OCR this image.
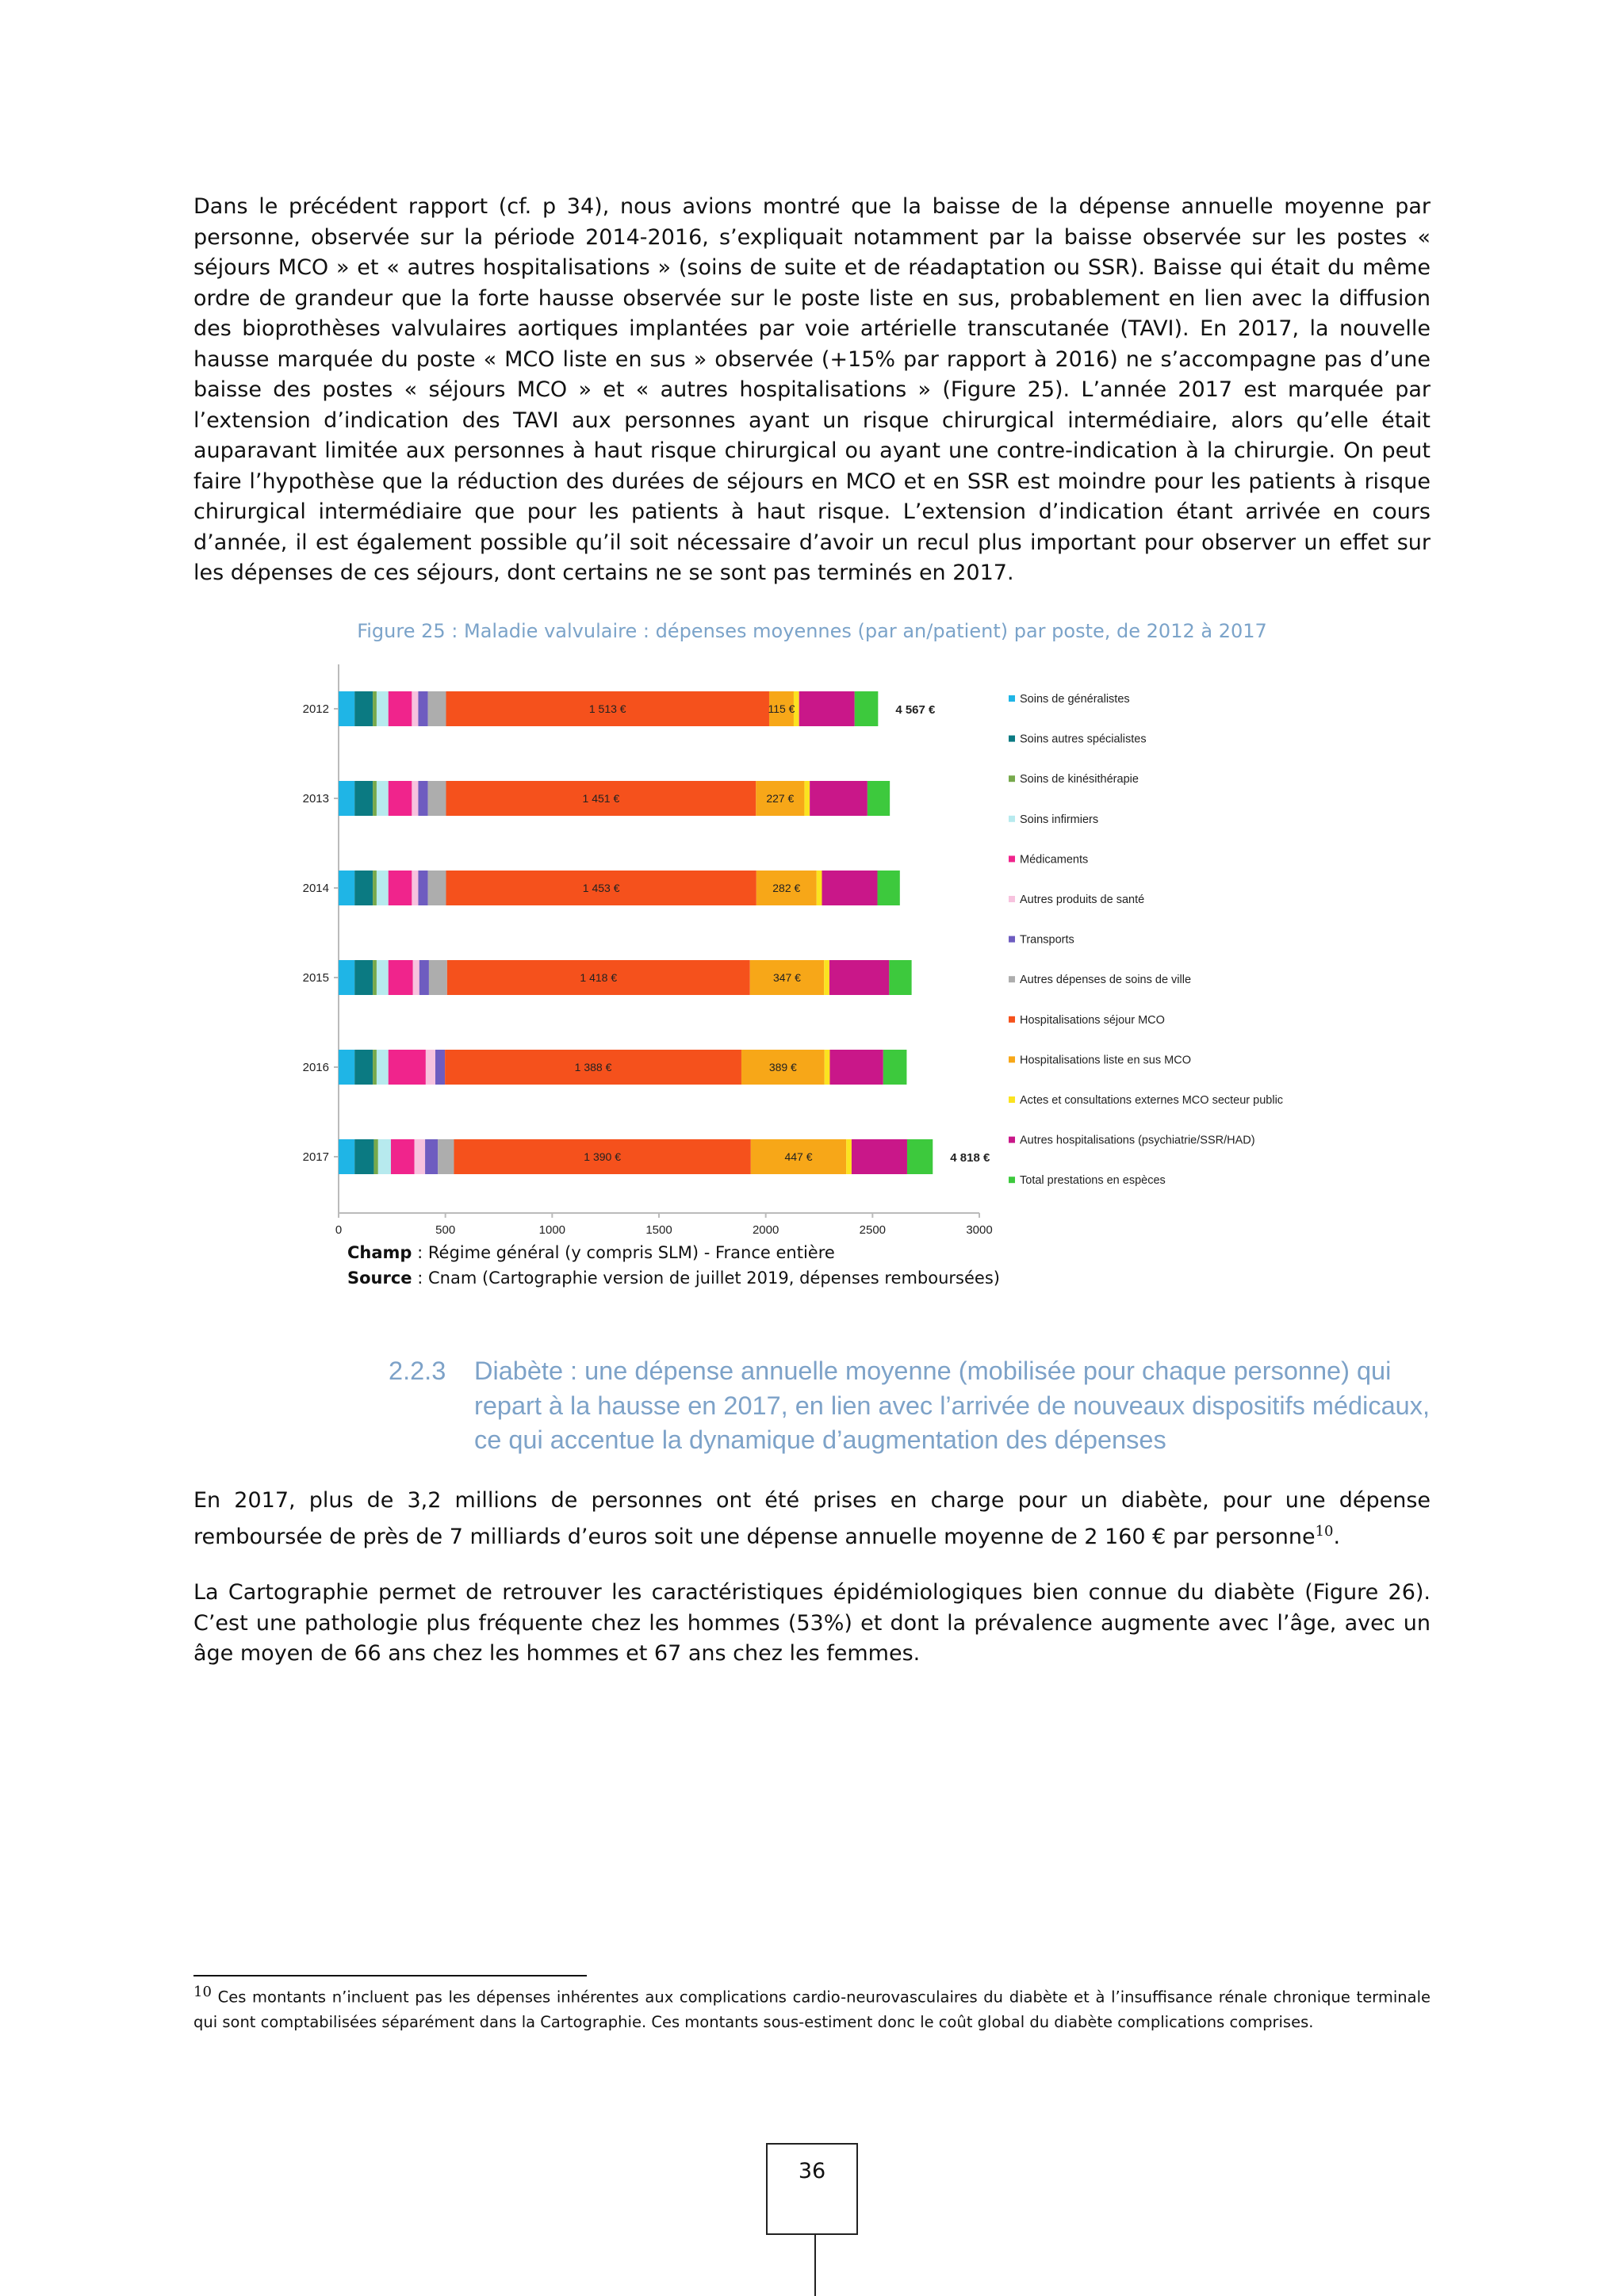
Dans le précédent rapport (cf. p 34), nous avions montré que la baisse de la dépense annuelle moyenne par personne, observée sur la période 2014-2016, s’expliquait notamment par la baisse observée sur les postes « séjours MCO » et « autres hospitalisations » (soins de suite et de réadaptation ou SSR). Baisse qui était du même ordre de grandeur que la forte hausse observée sur le poste liste en sus, probablement en lien avec la diffusion des bioprothèses valvulaires aortiques implantées par voie artérielle transcutanée (TAVI). En 2017, la nouvelle hausse marquée du poste « MCO liste en sus » observée (+15% par rapport à 2016) ne s’accompagne pas d’une baisse des postes « séjours MCO » et « autres hospitalisations » (Figure 25). L’année 2017 est marquée par l’extension d’indication des TAVI aux personnes ayant un risque chirurgical intermédiaire, alors qu’elle était auparavant limitée aux personnes à haut risque chirurgical ou ayant une contre-indication à la chirurgie. On peut faire l’hypothèse que la réduction des durées de séjours en MCO et en SSR est moindre pour les patients à risque chirurgical intermédiaire que pour les patients à haut risque. L’extension d’indication étant arrivée en cours d’année, il est également possible qu’il soit nécessaire d’avoir un recul plus important pour observer un effet sur les dépenses de ces séjours, dont certains ne se sont pas terminés en 2017.

Figure 25 : Maladie valvulaire : dépenses moyennes (par an/patient) par poste, de 2012 à 2017
2012	1 513 €	115 €	4 567 €
2013	1 451 €	227 €
2014	1 453 €	282 €
2015	1 418 €	347 €
2016	1 388 €	389 €
2017	1 390 €	447 €	4 818 €
0	500	1000	1500	2000	2500	3000
Soins de généralistes
Soins autres spécialistes
Soins de kinésithérapie
Soins infirmiers
Médicaments
Autres produits de santé
Transports
Autres dépenses de soins de ville
Hospitalisations séjour MCO
Hospitalisations liste en sus MCO
Actes et consultations externes MCO secteur public
Autres hospitalisations (psychiatrie/SSR/HAD)
Total prestations en espèces
Champ : Régime général (y compris SLM) - France entière
Source : Cnam (Cartographie version de juillet 2019, dépenses remboursées)
2.2.3 Diabète : une dépense annuelle moyenne (mobilisée pour chaque personne) qui repart à la hausse en 2017, en lien avec l’arrivée de nouveaux dispositifs médicaux, ce qui accentue la dynamique d’augmentation des dépenses

En 2017, plus de 3,2 millions de personnes ont été prises en charge pour un diabète, pour une dépense remboursée de près de 7 milliards d’euros soit une dépense annuelle moyenne de 2 160 € par personne$^{10}$.

La Cartographie permet de retrouver les caractéristiques épidémiologiques bien connue du diabète (Figure 26). C’est une pathologie plus fréquente chez les hommes (53%) et dont la prévalence augmente avec l’âge, avec un âge moyen de 66 ans chez les hommes et 67 ans chez les femmes.

$^{10}$ Ces montants n’incluent pas les dépenses inhérentes aux complications cardio-neurovasculaires du diabète et à l’insuffisance rénale chronique terminale qui sont comptabilisées séparément dans la Cartographie. Ces montants sous-estiment donc le coût global du diabète complications comprises.
36
